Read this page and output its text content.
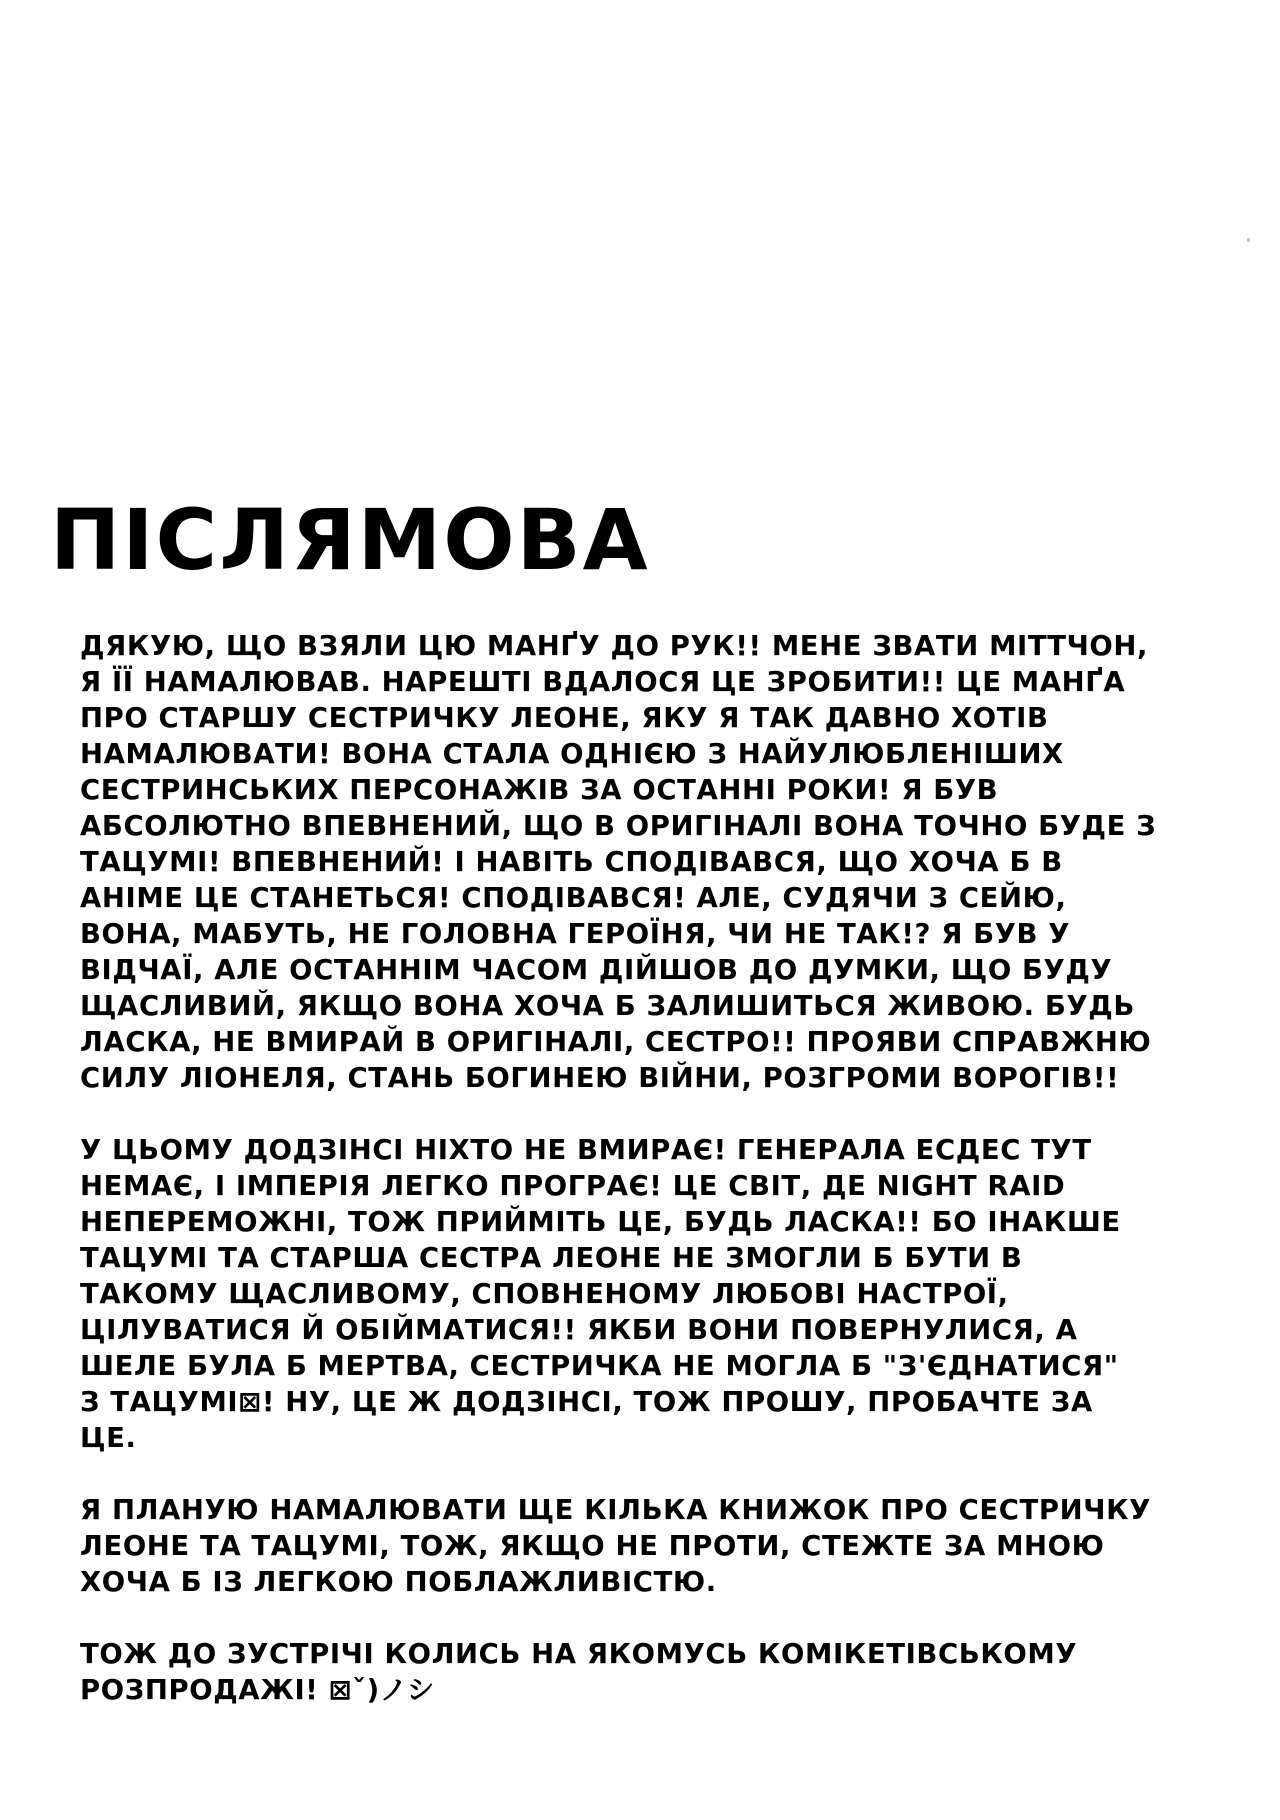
ПІСЛЯМОВА

ДЯКУЮ, ЩО ВЗЯЛИ ЦЮ МАНҐУ ДО РУК!! МЕНЕ ЗВАТИ МІТТЧОН,
Я ЇЇ НАМАЛЮВАВ. НАРЕШТІ ВДАЛОСЯ ЦЕ ЗРОБИТИ!! ЦЕ МАНҐА
ПРО СТАРШУ СЕСТРИЧКУ ЛЕОНЕ, ЯКУ Я ТАК ДАВНО ХОТІВ
НАМАЛЮВАТИ! ВОНА СТАЛА ОДНІЄЮ З НАЙУЛЮБЛЕНІШИХ
СЕСТРИНСЬКИХ ПЕРСОНАЖІВ ЗА ОСТАННІ РОКИ! Я БУВ
АБСОЛЮТНО ВПЕВНЕНИЙ, ЩО В ОРИГІНАЛІ ВОНА ТОЧНО БУДЕ З
ТАЦУМІ! ВПЕВНЕНИЙ! І НАВІТЬ СПОДІВАВСЯ, ЩО ХОЧА Б В
АНІМЕ ЦЕ СТАНЕТЬСЯ! СПОДІВАВСЯ! АЛЕ, СУДЯЧИ З СЕЙЮ,
ВОНА, МАБУТЬ, НЕ ГОЛОВНА ГЕРОЇНЯ, ЧИ НЕ ТАК!? Я БУВ У
ВІДЧАЇ, АЛЕ ОСТАННІМ ЧАСОМ ДІЙШОВ ДО ДУМКИ, ЩО БУДУ
ЩАСЛИВИЙ, ЯКЩО ВОНА ХОЧА Б ЗАЛИШИТЬСЯ ЖИВОЮ. БУДЬ
ЛАСКА, НЕ ВМИРАЙ В ОРИГІНАЛІ, СЕСТРО!! ПРОЯВИ СПРАВЖНЮ
СИЛУ ЛІОНЕЛЯ, СТАНЬ БОГИНЕЮ ВІЙНИ, РОЗГРОМИ ВОРОГІВ!!

У ЦЬОМУ ДОДЗІНСІ НІХТО НЕ ВМИРАЄ! ГЕНЕРАЛА ЕСДЕС ТУТ
НЕМАЄ, І ІМПЕРІЯ ЛЕГКО ПРОГРАЄ! ЦЕ СВІТ, ДЕ NIGHT RAID
НЕПЕРЕМОЖНІ, ТОЖ ПРИЙМІТЬ ЦЕ, БУДЬ ЛАСКА!! БО ІНАКШЕ
ТАЦУМІ ТА СТАРША СЕСТРА ЛЕОНЕ НЕ ЗМОГЛИ Б БУТИ В
ТАКОМУ ЩАСЛИВОМУ, СПОВНЕНОМУ ЛЮБОВІ НАСТРОЇ,
ЦІЛУВАТИСЯ Й ОБІЙМАТИСЯ!! ЯКБИ ВОНИ ПОВЕРНУЛИСЯ, А
ШЕЛЕ БУЛА Б МЕРТВА, СЕСТРИЧКА НЕ МОГЛА Б "З'ЄДНАТИСЯ"
З ТАЦУМІ⊠! НУ, ЦЕ Ж ДОДЗІНСІ, ТОЖ ПРОШУ, ПРОБАЧТЕ ЗА
ЦЕ.

Я ПЛАНУЮ НАМАЛЮВАТИ ЩЕ КІЛЬКА КНИЖОК ПРО СЕСТРИЧКУ
ЛЕОНЕ ТА ТАЦУМІ, ТОЖ, ЯКЩО НЕ ПРОТИ, СТЕЖТЕ ЗА МНОЮ
ХОЧА Б ІЗ ЛЕГКОЮ ПОБЛАЖЛИВІСТЮ.

ТОЖ ДО ЗУСТРІЧІ КОЛИСЬ НА ЯКОМУСЬ КОМІКЕТІВСЬКОМУ
РОЗПРОДАЖІ! ⊠ˇ)ノシ
